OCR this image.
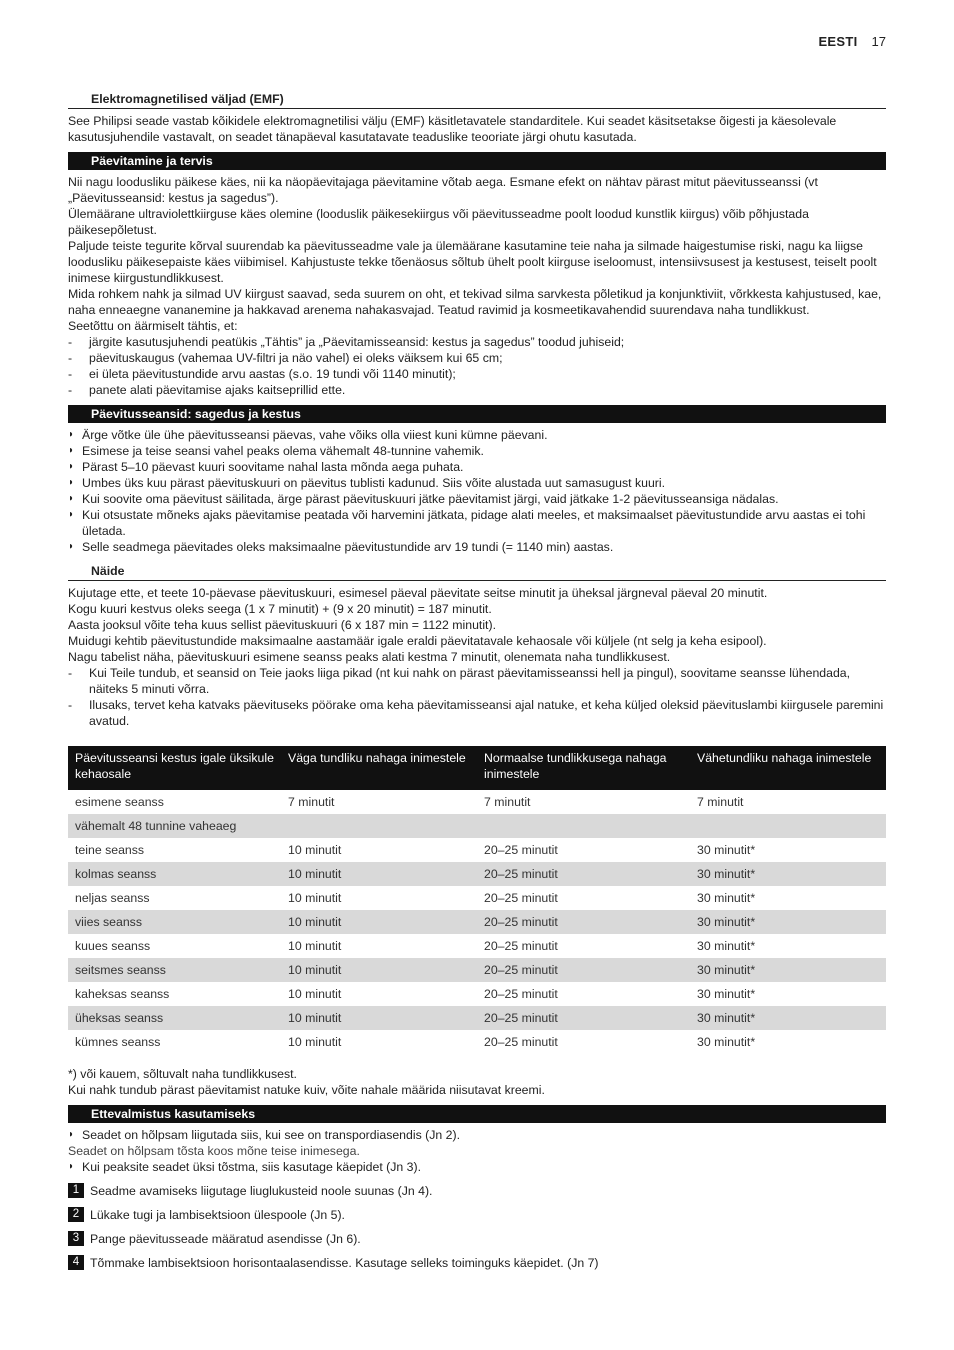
EESTI 17
Elektromagnetilised väljad (EMF)

See Philipsi seade vastab kõikidele elektromagnetilisi välju (EMF) käsitletavatele standarditele. Kui seadet käsitsetakse õigesti ja käesolevale kasutusjuhendile vastavalt, on seadet tänapäeval kasutatavate teaduslike teooriate järgi ohutu kasutada.

Päevitamine ja tervis

Nii nagu loodusliku päikese käes, nii ka näopäevitajaga päevitamine võtab aega. Esmane efekt on nähtav pärast mitut päevitusseanssi (vt „Päevitusseansid: kestus ja sagedus”).

Ülemäärane ultraviolettkiirguse käes olemine (looduslik päikesekiirgus või päevitusseadme poolt loodud kunstlik kiirgus) võib põhjustada päikesepõletust.

Paljude teiste tegurite kõrval suurendab ka päevitusseadme vale ja ülemäärane kasutamine teie naha ja silmade haigestumise riski, nagu ka liigse loodusliku päikesepaiste käes viibimisel. Kahjustuste tekke tõenäosus sõltub ühelt poolt kiirguse iseloomust, intensiivsusest ja kestusest, teiselt poolt inimese kiirgustundlikkusest.

Mida rohkem nahk ja silmad UV kiirgust saavad, seda suurem on oht, et tekivad silma sarvkesta põletikud ja konjunktiviit, võrkkesta kahjustused, kae, naha enneaegne vananemine ja hakkavad arenema nahakasvajad. Teatud ravimid ja kosmeetikavahendid suurendava naha tundlikkust.

Seetõttu on äärmiselt tähtis, et:

- järgite kasutusjuhendi peatükis „Tähtis” ja „Päevitamisseansid: kestus ja sagedus” toodud juhiseid;
- päevituskaugus (vahemaa UV-filtri ja näo vahel) ei oleks väiksem kui 65 cm;
- ei ületa päevitustundide arvu aastas (s.o. 19 tundi või 1140 minutit);
- panete alati päevitamise ajaks kaitseprillid ette.
Päevitusseansid: sagedus ja kestus
◗ Ärge võtke üle ühe päevitusseansi päevas, vahe võiks olla viiest kuni kümne päevani.
◗ Esimese ja teise seansi vahel peaks olema vähemalt 48-tunnine vahemik.
◗ Pärast 5–10 päevast kuuri soovitame nahal lasta mõnda aega puhata.
◗ Umbes üks kuu pärast päevituskuuri on päevitus tublisti kadunud. Siis võite alustada uut samasugust kuuri.
◗ Kui soovite oma päevitust säilitada, ärge pärast päevituskuuri jätke päevitamist järgi, vaid jätkake 1-2 päevitusseansiga nädalas.
◗ Kui otsustate mõneks ajaks päevitamise peatada või harvemini jätkata, pidage alati meeles, et maksimaalset päevitustundide arvu aastas ei tohi ületada.
◗ Selle seadmega päevitades oleks maksimaalne päevitustundide arv 19 tundi (= 1140 min) aastas.
Näide

Kujutage ette, et teete 10-päevase päevituskuuri, esimesel päeval päevitate seitse minutit ja üheksal järgneval päeval 20 minutit.

Kogu kuuri kestvus oleks seega (1 x 7 minutit) + (9 x 20 minutit) = 187 minutit.

Aasta jooksul võite teha kuus sellist päevituskuuri (6 x 187 min = 1122 minutit).

Muidugi kehtib päevitustundide maksimaalne aastamäär igale eraldi päevitatavale kehaosale või küljele (nt selg ja keha esipool).

Nagu tabelist näha, päevituskuuri esimene seanss peaks alati kestma 7 minutit, olenemata naha tundlikkusest.

- Kui Teile tundub, et seansid on Teie jaoks liiga pikad (nt kui nahk on pärast päevitamisseanssi hell ja pingul), soovitame seansse lühendada, näiteks 5 minuti võrra.
- Ilusaks, tervet keha katvaks päevituseks pöörake oma keha päevitamisseansi ajal natuke, et keha küljed oleksid päevituslambi kiirgusele paremini avatud.
Päevitusseansi kestus igale üksikule kehaosale	Väga tundliku nahaga inimestele	Normaalse tundlikkusega nahaga inimestele	Vähetundliku nahaga inimestele
esimene seanss	7 minutit	7 minutit	7 minutit
vähemalt 48 tunnine vaheaeg			
teine seanss	10 minutit	20–25 minutit	30 minutit*
kolmas seanss	10 minutit	20–25 minutit	30 minutit*
neljas seanss	10 minutit	20–25 minutit	30 minutit*
viies seanss	10 minutit	20–25 minutit	30 minutit*
kuues seanss	10 minutit	20–25 minutit	30 minutit*
seitsmes seanss	10 minutit	20–25 minutit	30 minutit*
kaheksas seanss	10 minutit	20–25 minutit	30 minutit*
üheksas seanss	10 minutit	20–25 minutit	30 minutit*
kümnes seanss	10 minutit	20–25 minutit	30 minutit*

*) või kauem, sõltuvalt naha tundlikkusest.

Kui nahk tundub pärast päevitamist natuke kuiv, võite nahale määrida niisutavat kreemi.

Ettevalmistus kasutamiseks
◗ Seadet on hõlpsam liigutada siis, kui see on transpordiasendis (Jn 2).

Seadet on hõlpsam tõsta koos mõne teise inimesega.

◗ Kui peaksite seadet üksi tõstma, siis kasutage käepidet (Jn 3).
1 Seadme avamiseks liigutage liuglukusteid noole suunas (Jn 4).
2 Lükake tugi ja lambisektsioon ülespoole (Jn 5).
3 Pange päevitusseade määratud asendisse (Jn 6).
4 Tõmmake lambisektsioon horisontaalasendisse. Kasutage selleks toiminguks käepidet. (Jn 7)
